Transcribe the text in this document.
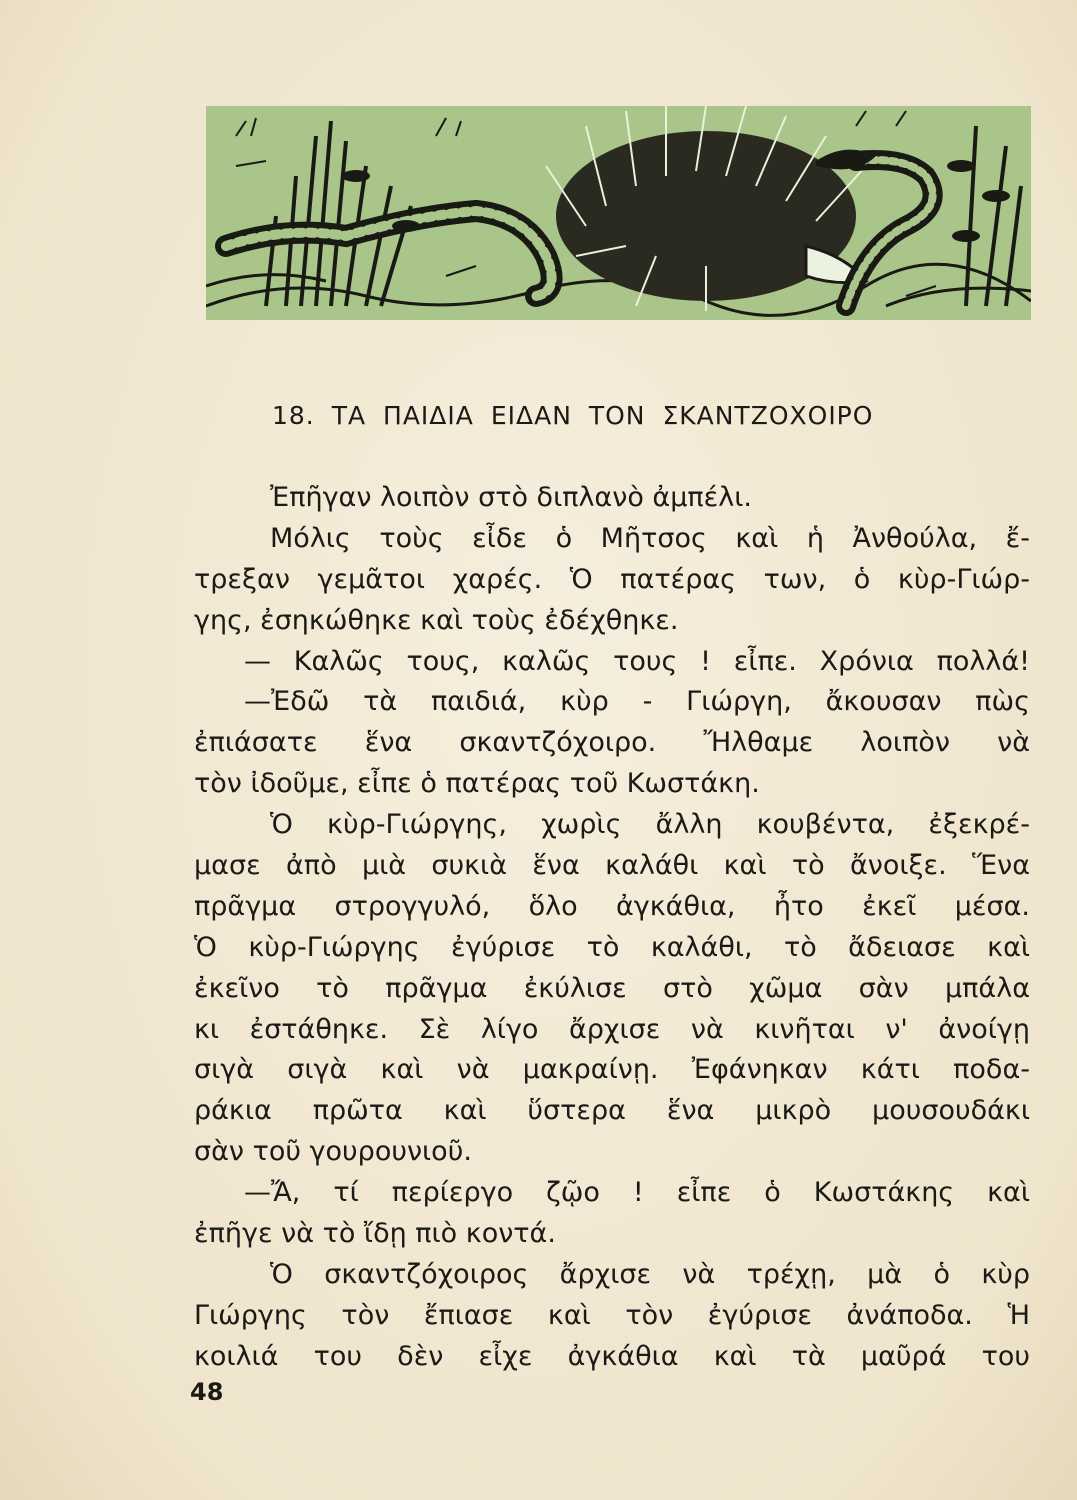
18. ΤΑ ΠΑΙΔΙΑ ΕΙΔΑΝ ΤΟΝ ΣΚΑΝΤΖΟΧΟΙΡΟ
Ἐπῆγαν λοιπὸν στὸ διπλανὸ ἀμπέλι.
Μόλις τοὺς εἶδε ὁ Μῆτσος καὶ ἡ Ἀνθούλα, ἔ-
τρεξαν γεμᾶτοι χαρές. Ὁ πατέρας των, ὁ κὺρ-Γιώρ-
γης, ἐσηκώθηκε καὶ τοὺς ἐδέχθηκε.
— Καλῶς τους, καλῶς τους ! εἶπε. Χρόνια πολλά!
—Ἐδῶ τὰ παιδιά, κὺρ - Γιώργη, ἄκουσαν πὼς
ἐπιάσατε ἕνα σκαντζόχοιρο. Ἤλθαμε λοιπὸν νὰ
τὸν ἰδοῦμε, εἶπε ὁ πατέρας τοῦ Κωστάκη.
Ὁ κὺρ-Γιώργης, χωρὶς ἄλλη κουβέντα, ἐξεκρέ-
μασε ἀπὸ μιὰ συκιὰ ἕνα καλάθι καὶ τὸ ἄνοιξε. Ἕνα
πρᾶγμα στρογγυλό, ὅλο ἀγκάθια, ἦτο ἐκεῖ μέσα.
Ὁ κὺρ-Γιώργης ἐγύρισε τὸ καλάθι, τὸ ἄδειασε καὶ
ἐκεῖνο τὸ πρᾶγμα ἐκύλισε στὸ χῶμα σὰν μπάλα
κι ἐστάθηκε. Σὲ λίγο ἄρχισε νὰ κινῆται ν' ἀνοίγῃ
σιγὰ σιγὰ καὶ νὰ μακραίνῃ. Ἐφάνηκαν κάτι ποδα-
ράκια πρῶτα καὶ ὕστερα ἕνα μικρὸ μουσουδάκι
σὰν τοῦ γουρουνιοῦ.
—Ἄ, τί περίεργο ζῷο ! εἶπε ὁ Κωστάκης καὶ
ἐπῆγε νὰ τὸ ἴδῃ πιὸ κοντά.
Ὁ σκαντζόχοιρος ἄρχισε νὰ τρέχῃ, μὰ ὁ κὺρ
Γιώργης τὸν ἔπιασε καὶ τὸν ἐγύρισε ἀνάποδα. Ἡ
κοιλιά του δὲν εἶχε ἀγκάθια καὶ τὰ μαῦρά του
48
